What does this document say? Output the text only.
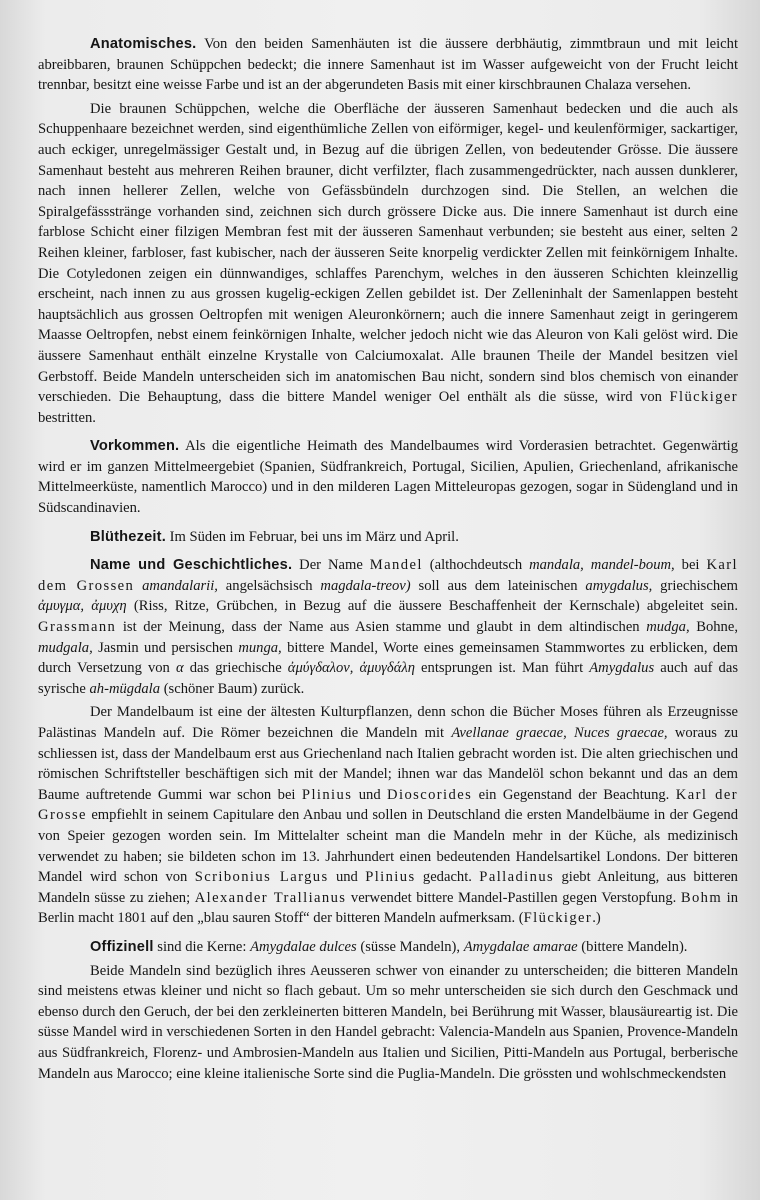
Anatomisches. Von den beiden Samenhäuten ist die äussere derbhäutig, zimmtbraun und mit leicht abreibbaren, braunen Schüppchen bedeckt; die innere Samenhaut ist im Wasser aufgeweicht von der Frucht leicht trennbar, besitzt eine weisse Farbe und ist an der abgerundeten Basis mit einer kirschbraunen Chalaza versehen.

Die braunen Schüppchen, welche die Oberfläche der äusseren Samenhaut bedecken und die auch als Schuppenhaare bezeichnet werden, sind eigenthümliche Zellen von eiförmiger, kegel- und keulenförmiger, sackartiger, auch eckiger, unregelmässiger Gestalt und, in Bezug auf die übrigen Zellen, von bedeutender Grösse. Die äussere Samenhaut besteht aus mehreren Reihen brauner, dicht verfilzter, flach zusammengedrückter, nach aussen dunklerer, nach innen hellerer Zellen, welche von Gefässbündeln durchzogen sind. Die Stellen, an welchen die Spiralgefässstränge vorhanden sind, zeichnen sich durch grössere Dicke aus. Die innere Samenhaut ist durch eine farblose Schicht einer filzigen Membran fest mit der äusseren Samenhaut verbunden; sie besteht aus einer, selten 2 Reihen kleiner, farbloser, fast kubischer, nach der äusseren Seite knorpelig verdickter Zellen mit feinkörnigem Inhalte. Die Cotyledonen zeigen ein dünnwandiges, schlaffes Parenchym, welches in den äusseren Schichten kleinzellig erscheint, nach innen zu aus grossen kugelig-eckigen Zellen gebildet ist. Der Zelleninhalt der Samenlappen besteht hauptsächlich aus grossen Oeltropfen mit wenigen Aleuronkörnern; auch die innere Samenhaut zeigt in geringerem Maasse Oeltropfen, nebst einem feinkörnigen Inhalte, welcher jedoch nicht wie das Aleuron von Kali gelöst wird. Die äussere Samenhaut enthält einzelne Krystalle von Calciumoxalat. Alle braunen Theile der Mandel besitzen viel Gerbstoff. Beide Mandeln unterscheiden sich im anatomischen Bau nicht, sondern sind blos chemisch von einander verschieden. Die Behauptung, dass die bittere Mandel weniger Oel enthält als die süsse, wird von Flückiger bestritten.

Vorkommen. Als die eigentliche Heimath des Mandelbaumes wird Vorderasien betrachtet. Gegenwärtig wird er im ganzen Mittelmeergebiet (Spanien, Südfrankreich, Portugal, Sicilien, Apulien, Griechenland, afrikanische Mittelmeerküste, namentlich Marocco) und in den milderen Lagen Mitteleuropas gezogen, sogar in Südengland und in Südscandinavien.

Blüthezeit. Im Süden im Februar, bei uns im März und April.

Name und Geschichtliches. Der Name Mandel (althochdeutsch mandala, mandel-boum, bei Karl dem Grossen amandalarii, angelsächsisch magdala-treov) soll aus dem lateinischen amygdalus, griechischem ἀμυγμα, ἀμυχη (Riss, Ritze, Grübchen, in Bezug auf die äussere Beschaffenheit der Kernschale) abgeleitet sein. Grassmann ist der Meinung, dass der Name aus Asien stamme und glaubt in dem altindischen mudga, Bohne, mudgala, Jasmin und persischen munga, bittere Mandel, Worte eines gemeinsamen Stammwortes zu erblicken, dem durch Versetzung von α das griechische ἀμύγδαλον, ἀμυγδάλη entsprungen ist. Man führt Amygdalus auch auf das syrische ah-mügdala (schöner Baum) zurück.

Der Mandelbaum ist eine der ältesten Kulturpflanzen, denn schon die Bücher Moses führen als Erzeugnisse Palästinas Mandeln auf. Die Römer bezeichnen die Mandeln mit Avellanae graecae, Nuces graecae, woraus zu schliessen ist, dass der Mandelbaum erst aus Griechenland nach Italien gebracht worden ist. Die alten griechischen und römischen Schriftsteller beschäftigen sich mit der Mandel; ihnen war das Mandelöl schon bekannt und das an dem Baume auftretende Gummi war schon bei Plinius und Dioscorides ein Gegenstand der Beachtung. Karl der Grosse empfiehlt in seinem Capitulare den Anbau und sollen in Deutschland die ersten Mandelbäume in der Gegend von Speier gezogen worden sein. Im Mittelalter scheint man die Mandeln mehr in der Küche, als medizinisch verwendet zu haben; sie bildeten schon im 13. Jahrhundert einen bedeutenden Handelsartikel Londons. Der bitteren Mandel wird schon von Scribonius Largus und Plinius gedacht. Palladinus giebt Anleitung, aus bitteren Mandeln süsse zu ziehen; Alexander Trallianus verwendet bittere Mandel-Pastillen gegen Verstopfung. Bohm in Berlin macht 1801 auf den „blau sauren Stoff“ der bitteren Mandeln aufmerksam. (Flückiger.)

Offizinell sind die Kerne: Amygdalae dulces (süsse Mandeln), Amygdalae amarae (bittere Mandeln).

Beide Mandeln sind bezüglich ihres Aeusseren schwer von einander zu unterscheiden; die bitteren Mandeln sind meistens etwas kleiner und nicht so flach gebaut. Um so mehr unterscheiden sie sich durch den Geschmack und ebenso durch den Geruch, der bei den zerkleinerten bitteren Mandeln, bei Berührung mit Wasser, blausäureartig ist. Die süsse Mandel wird in verschiedenen Sorten in den Handel gebracht: Valencia-Mandeln aus Spanien, Provence-Mandeln aus Südfrankreich, Florenz- und Ambrosien-Mandeln aus Italien und Sicilien, Pitti-Mandeln aus Portugal, berberische Mandeln aus Marocco; eine kleine italienische Sorte sind die Puglia-Mandeln. Die grössten und wohlschmeckendsten
